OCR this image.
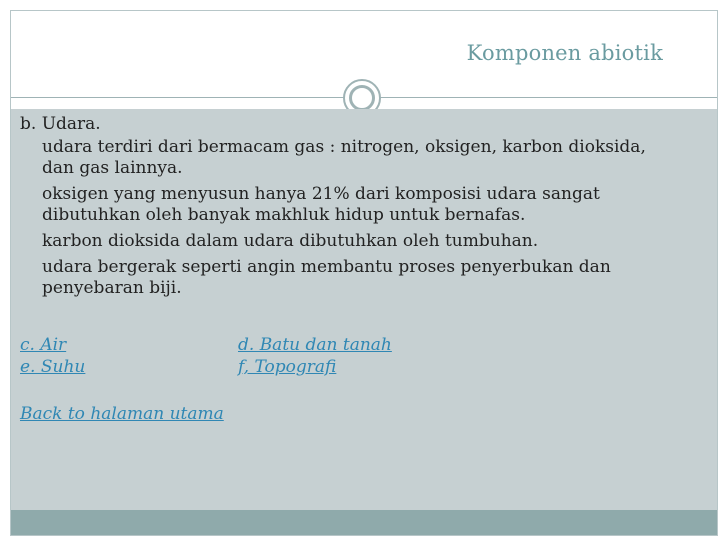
Komponen abiotik
b. Udara.
udara terdiri dari bermacam gas : nitrogen, oksigen, karbon dioksida, dan gas lainnya.
oksigen yang menyusun hanya 21% dari komposisi udara sangat dibutuhkan oleh banyak makhluk hidup untuk bernafas.
karbon dioksida dalam udara dibutuhkan oleh tumbuhan.
udara bergerak seperti angin membantu proses penyerbukan dan penyebaran biji.
c. Air	d. Batu dan tanah
e. Suhu	f, Topografi
Back to halaman utama
